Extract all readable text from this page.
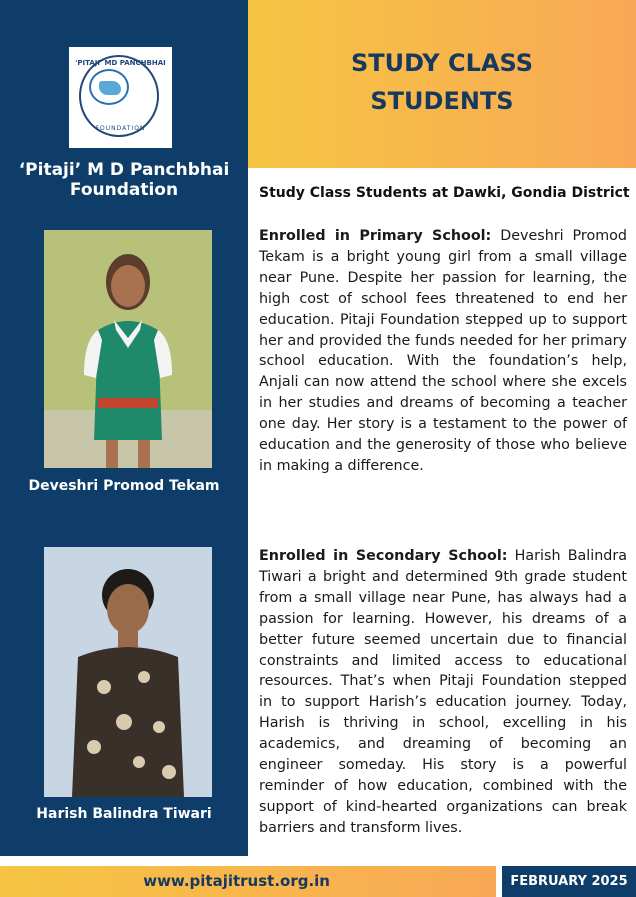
'PITAJI' MD PANCHBHAI
FOUNDATION
‘Pitaji’ M D Panchbhai Foundation
Deveshri Promod Tekam
Harish Balindra Tiwari
STUDY CLASS
STUDENTS
Study Class Students at Dawki, Gondia District
Enrolled in Primary School: Deveshri Promod Tekam is a bright young girl from a small village near Pune. Despite her passion for learning, the high cost of school fees threatened to end her education. Pitaji Foundation stepped up to support her and provided the funds needed for her primary school education. With the foundation’s help, Anjali can now attend the school where she excels in her studies and dreams of becoming a teacher one day. Her story is a testament to the power of education and the generosity of those who believe in making a difference.
Enrolled in Secondary School: Harish Balindra Tiwari a bright and determined 9th grade student from a small village near Pune, has always had a passion for learning. However, his dreams of a better future seemed uncertain due to financial constraints and limited access to educational resources. That’s when Pitaji Foundation stepped in to support Harish’s education journey. Today, Harish is thriving in school, excelling in his academics, and dreaming of becoming an engineer someday. His story is a powerful reminder of how education, combined with the support of kind-hearted organizations can break barriers and transform lives.
www.pitajitrust.org.in	FEBRUARY 2025
